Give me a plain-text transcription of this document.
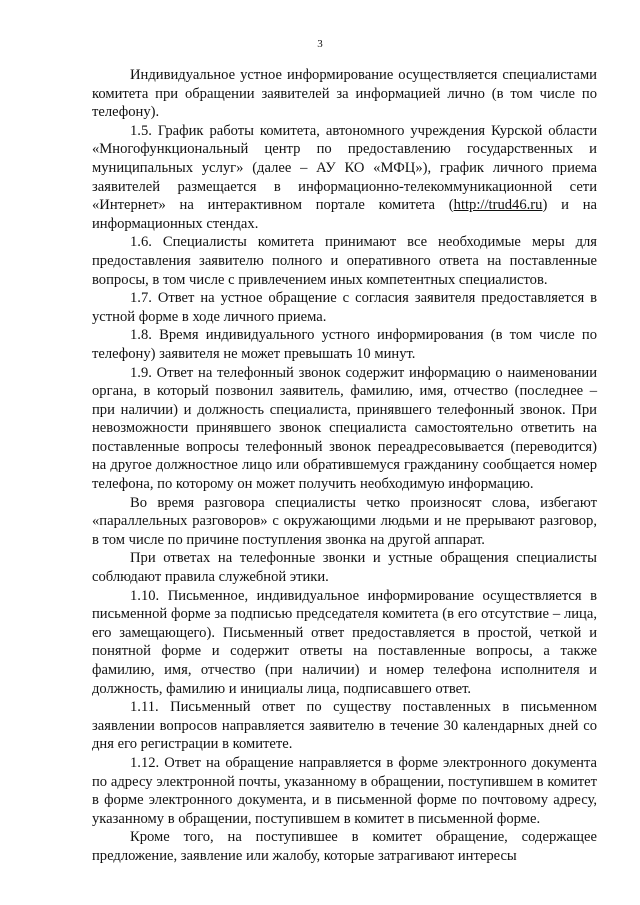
3

Индивидуальное устное информирование осуществляется специалистами комитета при обращении заявителей за информацией лично (в том числе по телефону).

1.5. График работы комитета, автономного учреждения Курской области «Многофункциональный центр по предоставлению государственных и муниципальных услуг» (далее – АУ КО «МФЦ»), график личного приема заявителей размещается в информационно-телекоммуникационной сети «Интернет» на интерактивном портале комитета (http://trud46.ru) и на информационных стендах.

1.6. Специалисты комитета принимают все необходимые меры для предоставления заявителю полного и оперативного ответа на поставленные вопросы, в том числе с привлечением иных компетентных специалистов.

1.7. Ответ на устное обращение с согласия заявителя предоставляется в устной форме в ходе личного приема.

1.8. Время индивидуального устного информирования (в том числе по телефону) заявителя не может превышать 10 минут.

1.9. Ответ на телефонный звонок содержит информацию о наименовании органа, в который позвонил заявитель, фамилию, имя, отчество (последнее – при наличии) и должность специалиста, принявшего телефонный звонок. При невозможности принявшего звонок специалиста самостоятельно ответить на поставленные вопросы телефонный звонок переадресовывается (переводится) на другое должностное лицо или обратившемуся гражданину сообщается номер телефона, по которому он может получить необходимую информацию.

Во время разговора специалисты четко произносят слова, избегают «параллельных разговоров» с окружающими людьми и не прерывают разговор, в том числе по причине поступления звонка на другой аппарат.

При ответах на телефонные звонки и устные обращения специалисты соблюдают правила служебной этики.

1.10. Письменное, индивидуальное информирование осуществляется в письменной форме за подписью председателя комитета (в его отсутствие – лица, его замещающего). Письменный ответ предоставляется в простой, четкой и понятной форме и содержит ответы на поставленные вопросы, а также фамилию, имя, отчество (при наличии) и номер телефона исполнителя и должность, фамилию и инициалы лица, подписавшего ответ.

1.11. Письменный ответ по существу поставленных в письменном заявлении вопросов направляется заявителю в течение 30 календарных дней со дня его регистрации в комитете.

1.12. Ответ на обращение направляется в форме электронного документа по адресу электронной почты, указанному в обращении, поступившем в комитет в форме электронного документа, и в письменной форме по почтовому адресу, указанному в обращении, поступившем в комитет в письменной форме.

Кроме того, на поступившее в комитет обращение, содержащее предложение, заявление или жалобу, которые затрагивают интересы
